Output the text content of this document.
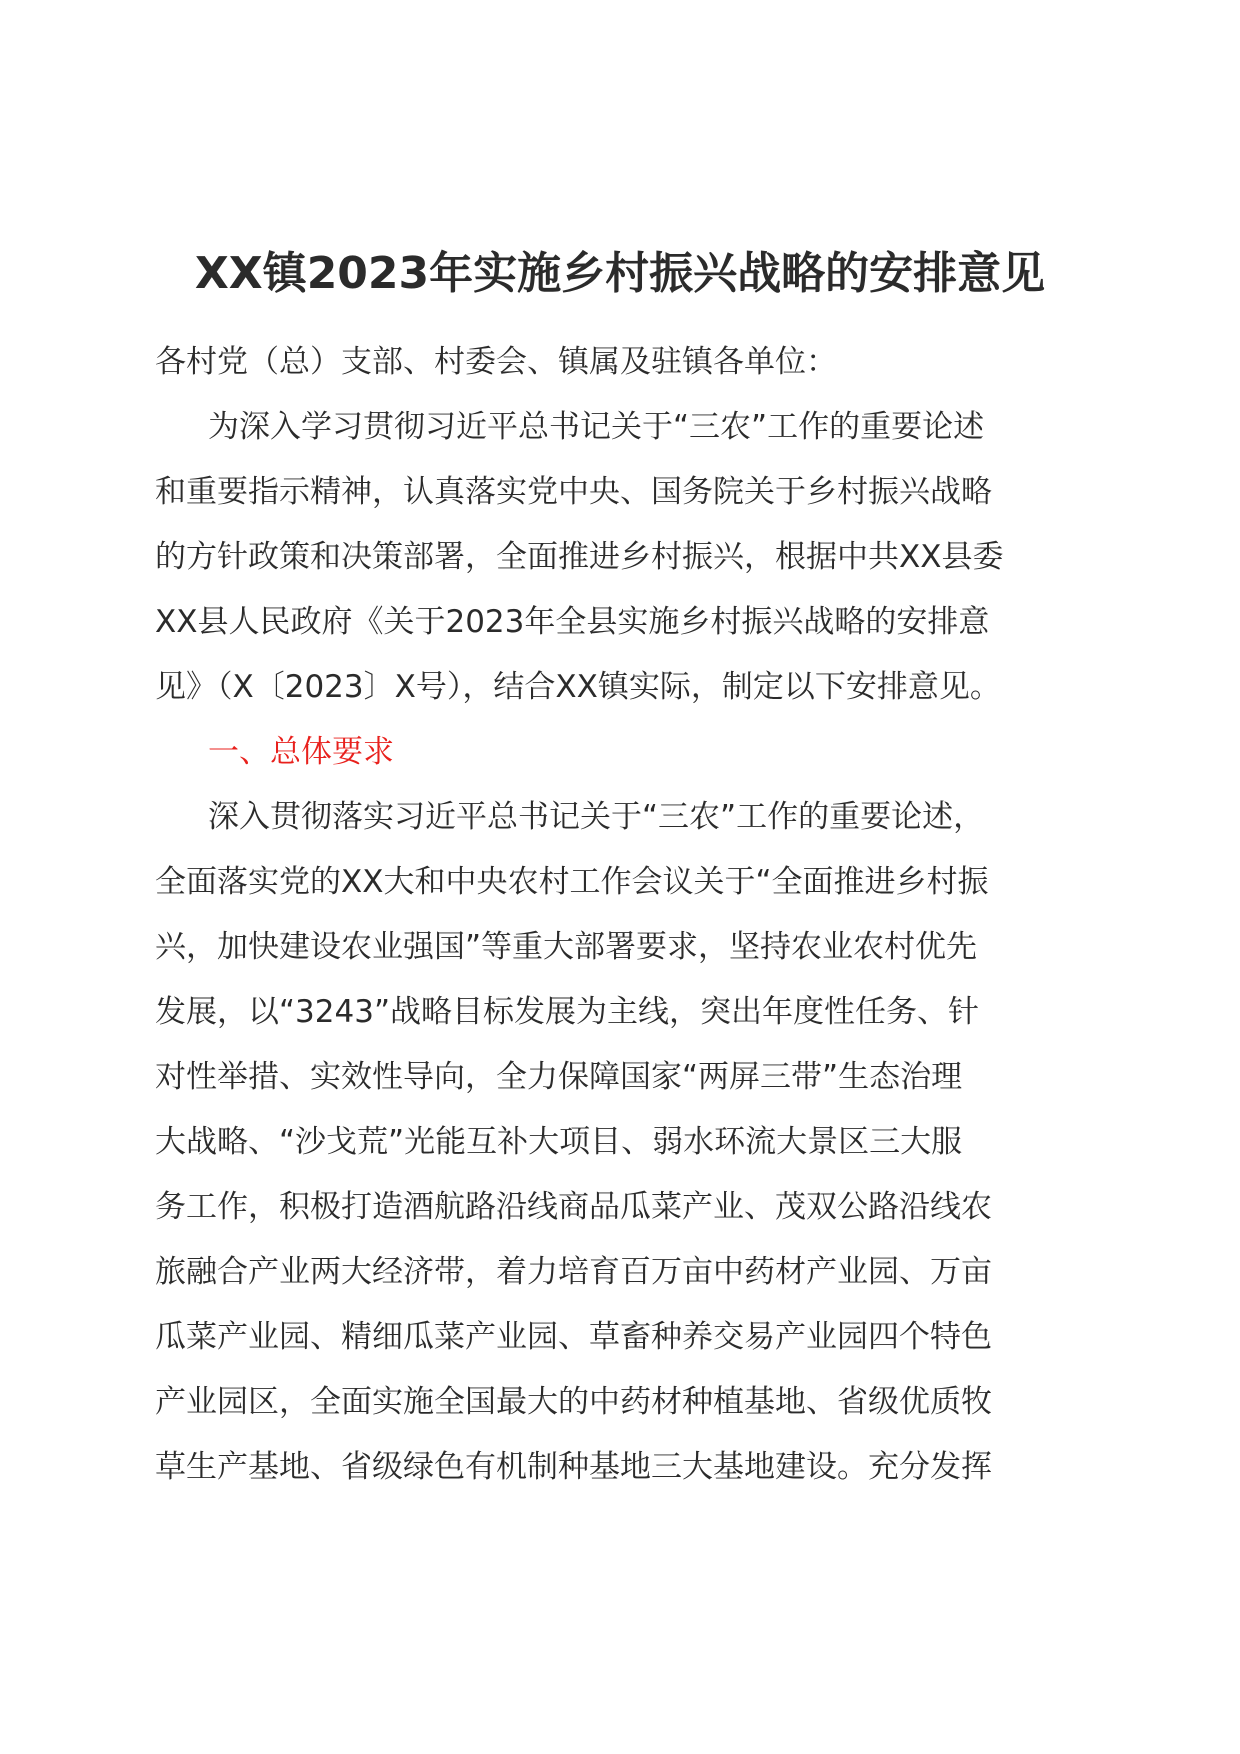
XX镇2023年实施乡村振兴战略的安排意见
各村党（总）支部、村委会、镇属及驻镇各单位：
为深入学习贯彻习近平总书记关于“三农”工作的重要论述
和重要指示精神，认真落实党中央、国务院关于乡村振兴战略
的方针政策和决策部署，全面推进乡村振兴，根据中共XX县委
XX县人民政府《关于2023年全县实施乡村振兴战略的安排意
见》（X〔2023〕X号），结合XX镇实际，制定以下安排意见。
一、总体要求
深入贯彻落实习近平总书记关于“三农”工作的重要论述，
全面落实党的XX大和中央农村工作会议关于“全面推进乡村振
兴，加快建设农业强国”等重大部署要求，坚持农业农村优先
发展，以“3243”战略目标发展为主线，突出年度性任务、针
对性举措、实效性导向，全力保障国家“两屏三带”生态治理
大战略、“沙戈荒”光能互补大项目、弱水环流大景区三大服
务工作，积极打造酒航路沿线商品瓜菜产业、茂双公路沿线农
旅融合产业两大经济带，着力培育百万亩中药材产业园、万亩
瓜菜产业园、精细瓜菜产业园、草畜种养交易产业园四个特色
产业园区，全面实施全国最大的中药材种植基地、省级优质牧
草生产基地、省级绿色有机制种基地三大基地建设。充分发挥
